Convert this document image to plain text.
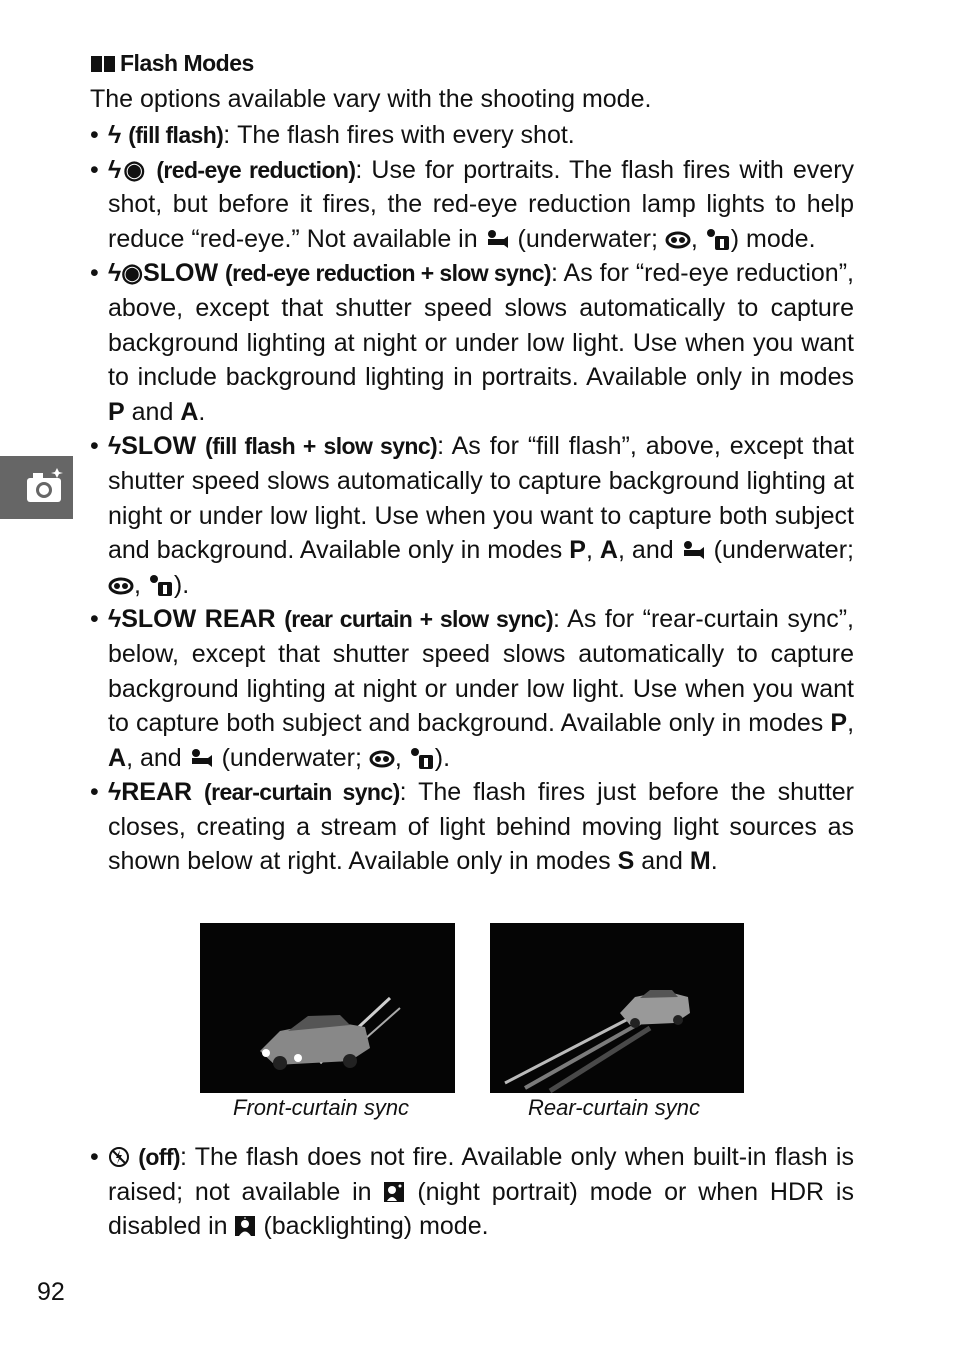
Flash Modes
The options available vary with the shooting mode.
• ϟ (fill flash): The flash fires with every shot.
• ϟ◉ (red-eye reduction): Use for portraits. The flash fires with every shot, but before it fires, the red-eye reduction lamp lights to help reduce “red-eye.” Not available in (underwater; , ) mode.
• ϟ◉SLOW (red-eye reduction + slow sync): As for “red-eye reduction”, above, except that shutter speed slows automatically to capture background lighting at night or under low light. Use when you want to include background lighting in portraits. Available only in modes P and A.
• ϟSLOW (fill flash + slow sync): As for “fill flash”, above, except that shutter speed slows automatically to capture background lighting at night or under low light. Use when you want to capture both subject and background. Available only in modes P, A, and (underwater; , ).
• ϟSLOW REAR (rear curtain + slow sync): As for “rear-curtain sync”, below, except that shutter speed slows automatically to capture background lighting at night or under low light. Use when you want to capture both subject and background. Available only in modes P, A, and (underwater; , ).
• ϟREAR (rear-curtain sync): The flash fires just before the shutter closes, creating a stream of light behind moving light sources as shown below at right. Available only in modes S and M.
Front-curtain sync	Rear-curtain sync
• (off): The flash does not fire. Available only when built-in flash is raised; not available in (night portrait) mode or when HDR is disabled in (backlighting) mode.
92
